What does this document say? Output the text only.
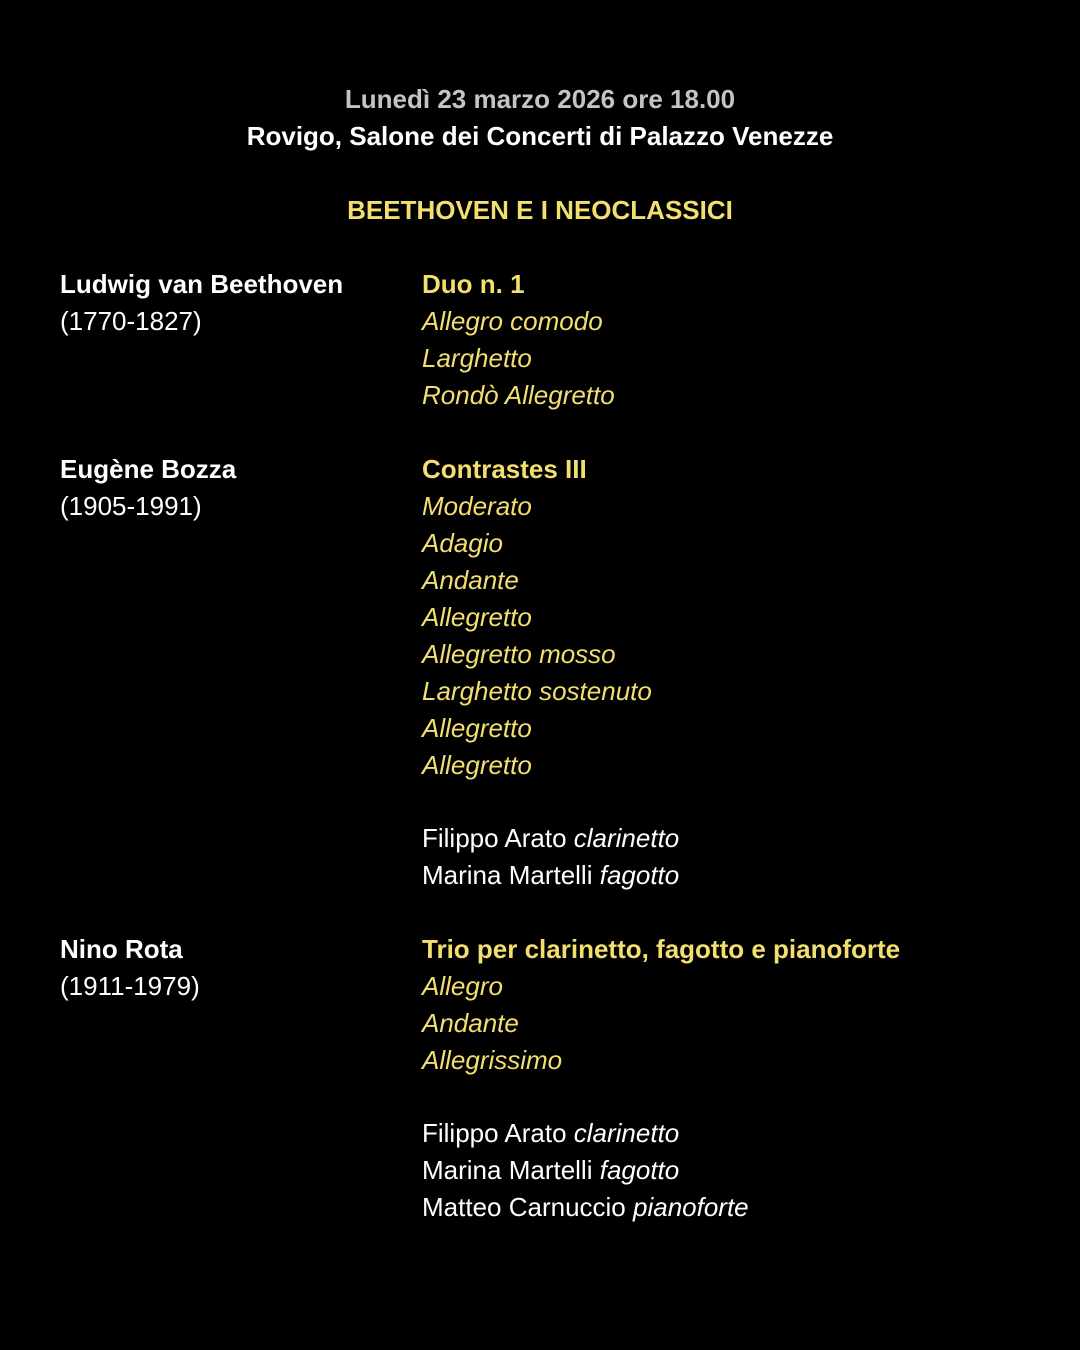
Lunedì 23 marzo 2026 ore 18.00
Rovigo, Salone dei Concerti di Palazzo Venezze
BEETHOVEN E I NEOCLASSICI
Ludwig van Beethoven
(1770-1827)
Duo n. 1
Allegro comodo
Larghetto
Rondò Allegretto
Eugène Bozza
(1905-1991)
Contrastes III
Moderato
Adagio
Andante
Allegretto
Allegretto mosso
Larghetto sostenuto
Allegretto
Allegretto
Filippo Arato clarinetto
Marina Martelli fagotto
Nino Rota
(1911-1979)
Trio per clarinetto, fagotto e pianoforte
Allegro
Andante
Allegrissimo
Filippo Arato clarinetto
Marina Martelli fagotto
Matteo Carnuccio pianoforte
